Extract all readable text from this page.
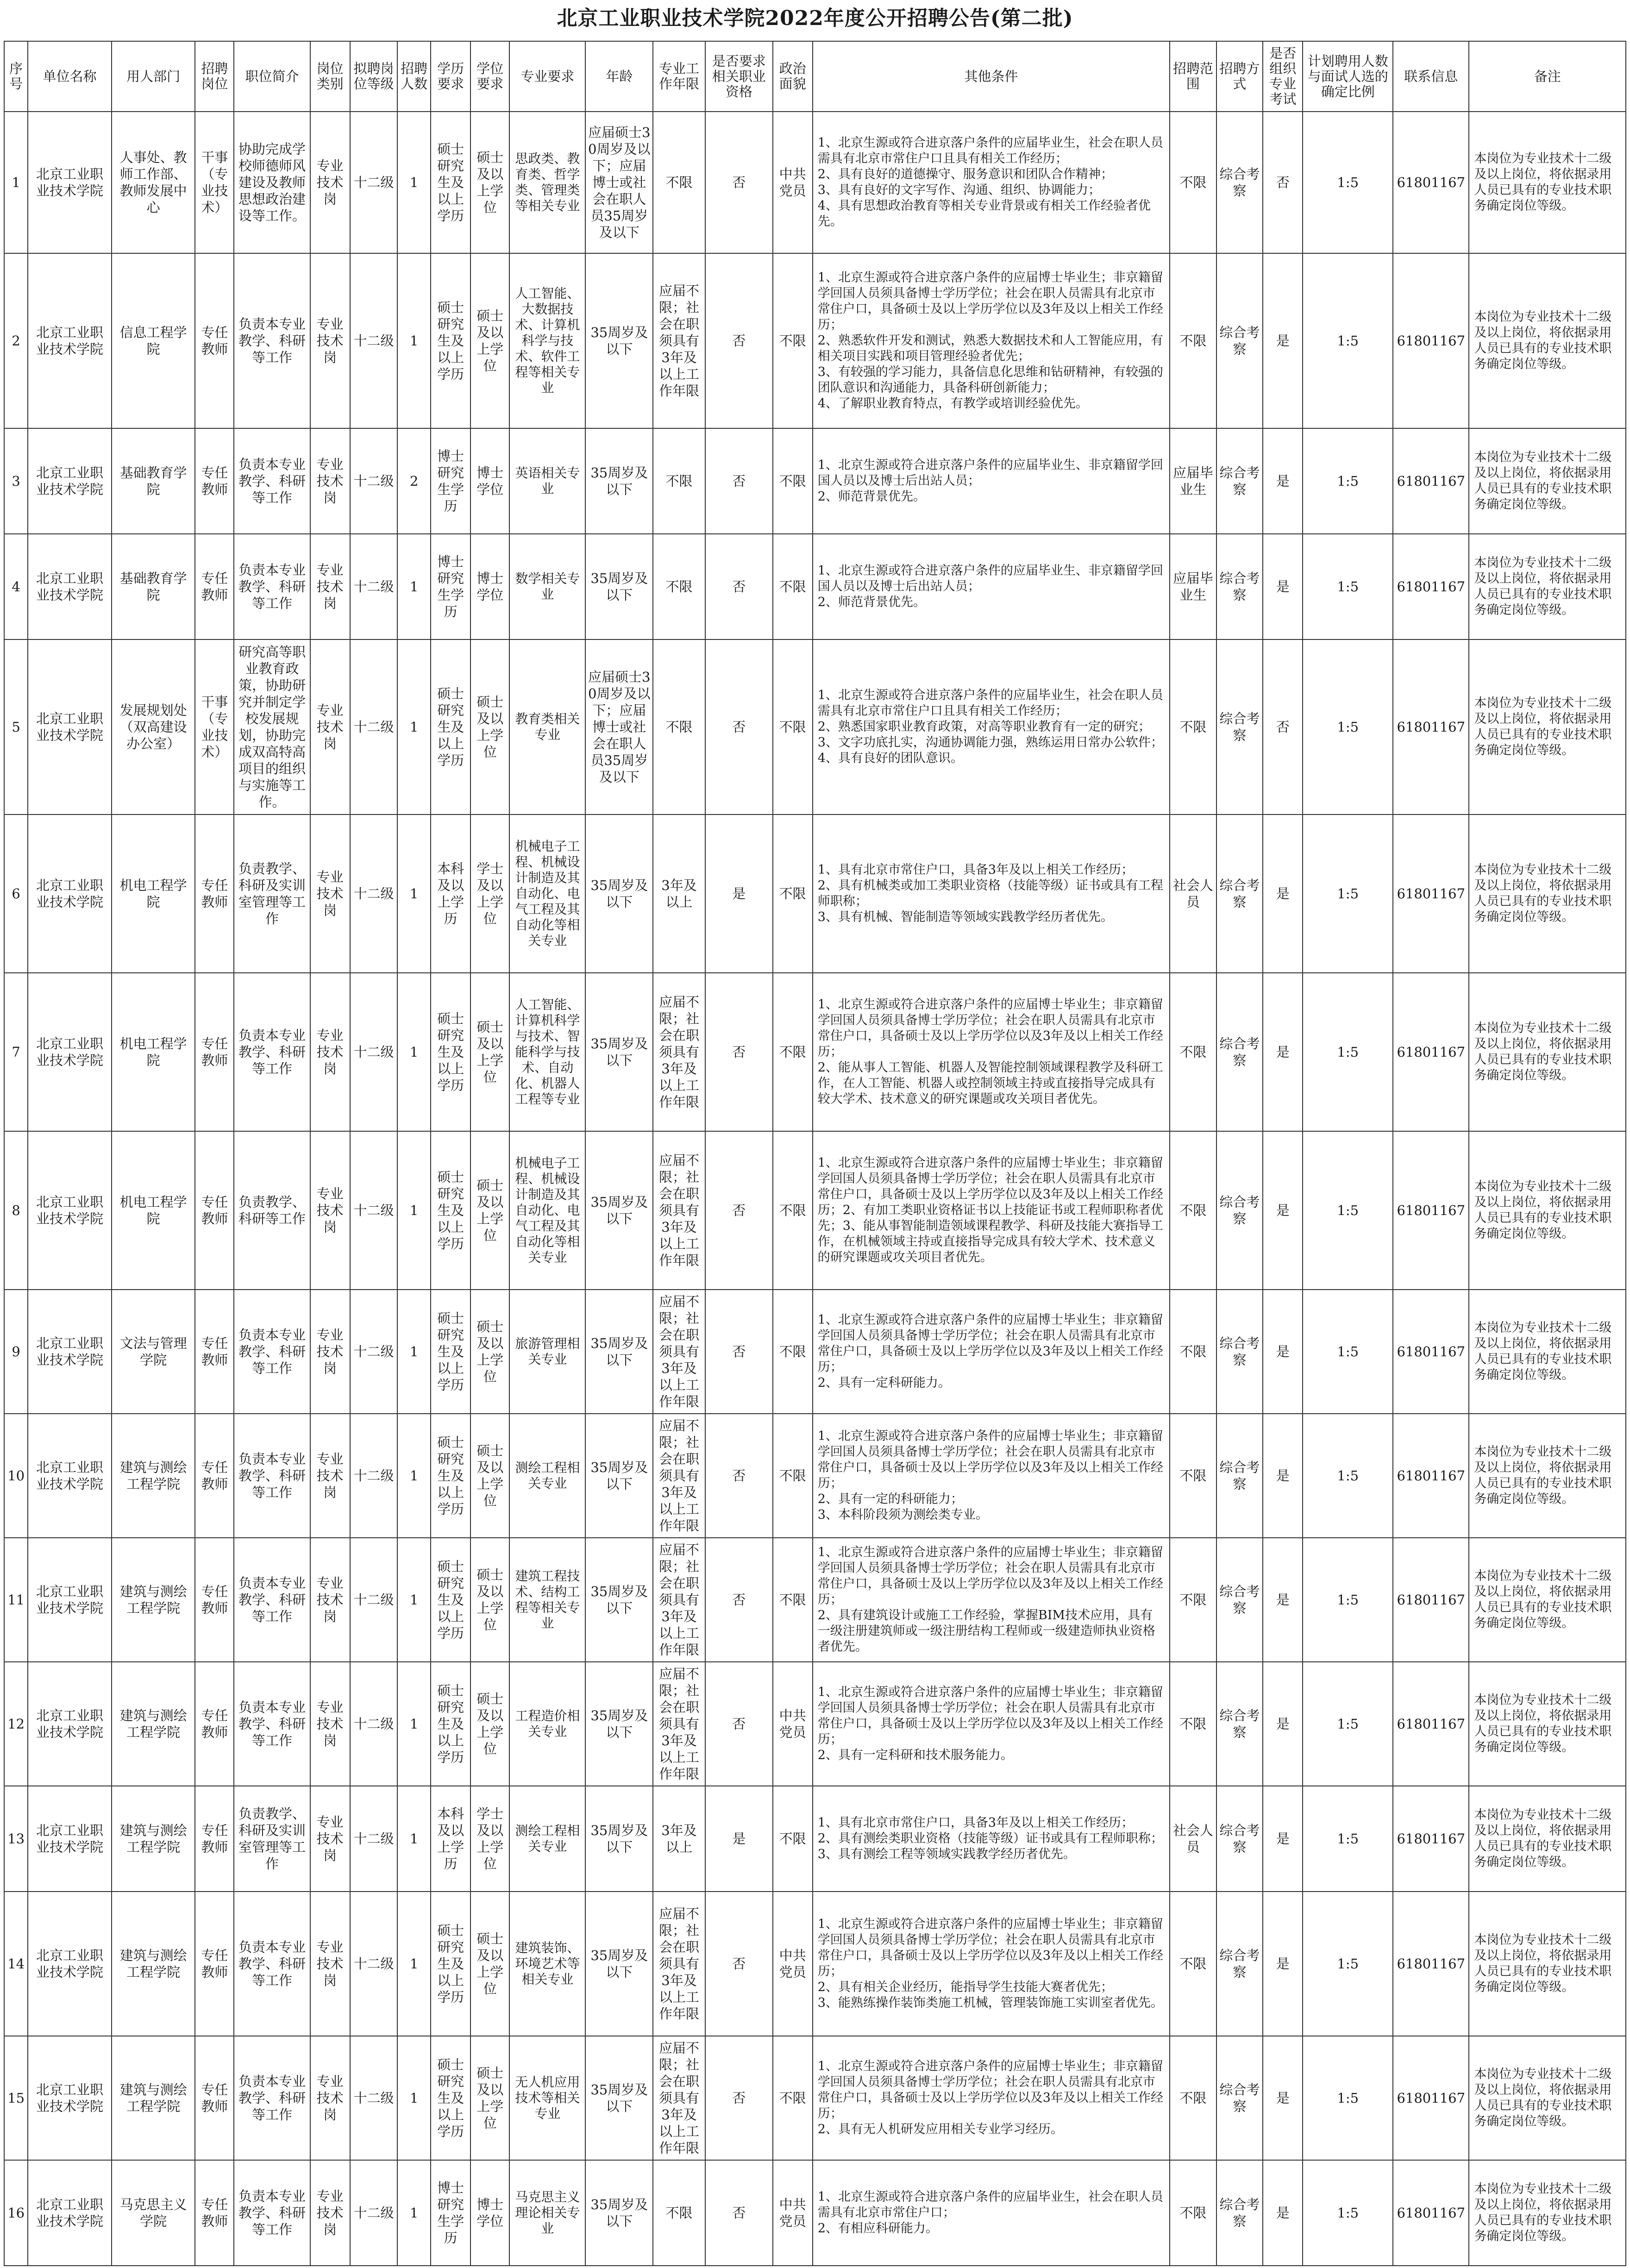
北京工业职业技术学院2022年度公开招聘公告(第二批)
序号	单位名称	用人部门	招聘岗位	职位简介	岗位类别	拟聘岗位等级	招聘人数	学历要求	学位要求	专业要求	年龄	专业工作年限	是否要求相关职业资格	政治面貌	其他条件	招聘范围	招聘方式	是否组织专业考试	计划聘用人数与面试人选的确定比例	联系信息	备注
1	北京工业职业技术学院	人事处、教师工作部、教师发展中心	干事（专业技术）	协助完成学校师德师风建设及教师思想政治建设等工作。	专业技术岗	十二级	1	硕士研究生及以上学历	硕士及以上学位	思政类、教育类、哲学类、管理类等相关专业	应届硕士30周岁及以下；应届博士或社会在职人员35周岁及以下	不限	否	中共党员	1、北京生源或符合进京落户条件的应届毕业生，社会在职人员需具有北京市常住户口且具有相关工作经历；
2、具有良好的道德操守、服务意识和团队合作精神；
3、具有良好的文字写作、沟通、组织、协调能力；
4、具有思想政治教育等相关专业背景或有相关工作经验者优先。	不限	综合考察	否	1:5	61801167	本岗位为专业技术十二级及以上岗位，将依据录用人员已具有的专业技术职务确定岗位等级。
2	北京工业职业技术学院	信息工程学院	专任教师	负责本专业教学、科研等工作	专业技术岗	十二级	1	硕士研究生及以上学历	硕士及以上学位	人工智能、大数据技术、计算机科学与技术、软件工程等相关专业	35周岁及以下	应届不限；社会在职须具有3年及以上工作年限	否	不限	1、北京生源或符合进京落户条件的应届博士毕业生；非京籍留学回国人员须具备博士学历学位；社会在职人员需具有北京市常住户口，具备硕士及以上学历学位以及3年及以上相关工作经历；
2、熟悉软件开发和测试，熟悉大数据技术和人工智能应用，有相关项目实践和项目管理经验者优先；
3、有较强的学习能力，具备信息化思维和钻研精神，有较强的团队意识和沟通能力，具备科研创新能力；
4、了解职业教育特点，有教学或培训经验优先。	不限	综合考察	是	1:5	61801167	本岗位为专业技术十二级及以上岗位，将依据录用人员已具有的专业技术职务确定岗位等级。
3	北京工业职业技术学院	基础教育学院	专任教师	负责本专业教学、科研等工作	专业技术岗	十二级	2	博士研究生学历	博士学位	英语相关专业	35周岁及以下	不限	否	不限	1、北京生源或符合进京落户条件的应届毕业生、非京籍留学回国人员以及博士后出站人员；
2、师范背景优先。	应届毕业生	综合考察	是	1:5	61801167	本岗位为专业技术十二级及以上岗位，将依据录用人员已具有的专业技术职务确定岗位等级。
4	北京工业职业技术学院	基础教育学院	专任教师	负责本专业教学、科研等工作	专业技术岗	十二级	1	博士研究生学历	博士学位	数学相关专业	35周岁及以下	不限	否	不限	1、北京生源或符合进京落户条件的应届毕业生、非京籍留学回国人员以及博士后出站人员；
2、师范背景优先。	应届毕业生	综合考察	是	1:5	61801167	本岗位为专业技术十二级及以上岗位，将依据录用人员已具有的专业技术职务确定岗位等级。
5	北京工业职业技术学院	发展规划处（双高建设办公室）	干事（专业技术）	研究高等职业教育政策，协助研究并制定学校发展规划，协助完成双高特高项目的组织与实施等工作。	专业技术岗	十二级	1	硕士研究生及以上学历	硕士及以上学位	教育类相关专业	应届硕士30周岁及以下；应届博士或社会在职人员35周岁及以下	不限	否	不限	1、北京生源或符合进京落户条件的应届毕业生，社会在职人员需具有北京市常住户口且具有相关工作经历；
2、熟悉国家职业教育政策，对高等职业教育有一定的研究；
3、文字功底扎实，沟通协调能力强，熟练运用日常办公软件；
4、具有良好的团队意识。	不限	综合考察	否	1:5	61801167	本岗位为专业技术十二级及以上岗位，将依据录用人员已具有的专业技术职务确定岗位等级。
6	北京工业职业技术学院	机电工程学院	专任教师	负责教学、科研及实训室管理等工作	专业技术岗	十二级	1	本科及以上学历	学士及以上学位	机械电子工程、机械设计制造及其自动化、电气工程及其自动化等相关专业	35周岁及以下	3年及以上	是	不限	1、具有北京市常住户口，具备3年及以上相关工作经历；
2、具有机械类或加工类职业资格（技能等级）证书或具有工程师职称；
3、具有机械、智能制造等领域实践教学经历者优先。	社会人员	综合考察	是	1:5	61801167	本岗位为专业技术十二级及以上岗位，将依据录用人员已具有的专业技术职务确定岗位等级。
7	北京工业职业技术学院	机电工程学院	专任教师	负责本专业教学、科研等工作	专业技术岗	十二级	1	硕士研究生及以上学历	硕士及以上学位	人工智能、计算机科学与技术、智能科学与技术、自动化、机器人工程等专业	35周岁及以下	应届不限；社会在职须具有3年及以上工作年限	否	不限	1、北京生源或符合进京落户条件的应届博士毕业生；非京籍留学回国人员须具备博士学历学位；社会在职人员需具有北京市常住户口，具备硕士及以上学历学位以及3年及以上相关工作经历；
2、能从事人工智能、机器人及智能控制领域课程教学及科研工作，在人工智能、机器人或控制领域主持或直接指导完成具有较大学术、技术意义的研究课题或攻关项目者优先。	不限	综合考察	是	1:5	61801167	本岗位为专业技术十二级及以上岗位，将依据录用人员已具有的专业技术职务确定岗位等级。
8	北京工业职业技术学院	机电工程学院	专任教师	负责教学、科研等工作	专业技术岗	十二级	1	硕士研究生及以上学历	硕士及以上学位	机械电子工程、机械设计制造及其自动化、电气工程及其自动化等相关专业	35周岁及以下	应届不限；社会在职须具有3年及以上工作年限	否	不限	1、北京生源或符合进京落户条件的应届博士毕业生；非京籍留学回国人员须具备博士学历学位；社会在职人员需具有北京市常住户口，具备硕士及以上学历学位以及3年及以上相关工作经历；2、有加工类职业资格证书以上技能证书或工程师职称者优先；3、能从事智能制造领域课程教学、科研及技能大赛指导工作，在机械领域主持或直接指导完成具有较大学术、技术意义的研究课题或攻关项目者优先。	不限	综合考察	是	1:5	61801167	本岗位为专业技术十二级及以上岗位，将依据录用人员已具有的专业技术职务确定岗位等级。
9	北京工业职业技术学院	文法与管理学院	专任教师	负责本专业教学、科研等工作	专业技术岗	十二级	1	硕士研究生及以上学历	硕士及以上学位	旅游管理相关专业	35周岁及以下	应届不限；社会在职须具有3年及以上工作年限	否	不限	1、北京生源或符合进京落户条件的应届博士毕业生；非京籍留学回国人员须具备博士学历学位；社会在职人员需具有北京市常住户口，具备硕士及以上学历学位以及3年及以上相关工作经历；
2、具有一定科研能力。	不限	综合考察	是	1:5	61801167	本岗位为专业技术十二级及以上岗位，将依据录用人员已具有的专业技术职务确定岗位等级。
10	北京工业职业技术学院	建筑与测绘工程学院	专任教师	负责本专业教学、科研等工作	专业技术岗	十二级	1	硕士研究生及以上学历	硕士及以上学位	测绘工程相关专业	35周岁及以下	应届不限；社会在职须具有3年及以上工作年限	否	不限	1、北京生源或符合进京落户条件的应届博士毕业生；非京籍留学回国人员须具备博士学历学位；社会在职人员需具有北京市常住户口，具备硕士及以上学历学位以及3年及以上相关工作经历；
2、具有一定的科研能力；
3、本科阶段须为测绘类专业。	不限	综合考察	是	1:5	61801167	本岗位为专业技术十二级及以上岗位，将依据录用人员已具有的专业技术职务确定岗位等级。
11	北京工业职业技术学院	建筑与测绘工程学院	专任教师	负责本专业教学、科研等工作	专业技术岗	十二级	1	硕士研究生及以上学历	硕士及以上学位	建筑工程技术、结构工程等相关专业	35周岁及以下	应届不限；社会在职须具有3年及以上工作年限	否	不限	1、北京生源或符合进京落户条件的应届博士毕业生；非京籍留学回国人员须具备博士学历学位；社会在职人员需具有北京市常住户口，具备硕士及以上学历学位以及3年及以上相关工作经历；
2、具有建筑设计或施工工作经验，掌握BIM技术应用，具有一级注册建筑师或一级注册结构工程师或一级建造师执业资格者优先。	不限	综合考察	是	1:5	61801167	本岗位为专业技术十二级及以上岗位，将依据录用人员已具有的专业技术职务确定岗位等级。
12	北京工业职业技术学院	建筑与测绘工程学院	专任教师	负责本专业教学、科研等工作	专业技术岗	十二级	1	硕士研究生及以上学历	硕士及以上学位	工程造价相关专业	35周岁及以下	应届不限；社会在职须具有3年及以上工作年限	否	中共党员	1、北京生源或符合进京落户条件的应届博士毕业生；非京籍留学回国人员须具备博士学历学位；社会在职人员需具有北京市常住户口，具备硕士及以上学历学位以及3年及以上相关工作经历；
2、具有一定科研和技术服务能力。	不限	综合考察	是	1:5	61801167	本岗位为专业技术十二级及以上岗位，将依据录用人员已具有的专业技术职务确定岗位等级。
13	北京工业职业技术学院	建筑与测绘工程学院	专任教师	负责教学、科研及实训室管理等工作	专业技术岗	十二级	1	本科及以上学历	学士及以上学位	测绘工程相关专业	35周岁及以下	3年及以上	是	不限	1、具有北京市常住户口，具备3年及以上相关工作经历；
2、具有测绘类职业资格（技能等级）证书或具有工程师职称；
3、具有测绘工程等领域实践教学经历者优先。	社会人员	综合考察	是	1:5	61801167	本岗位为专业技术十二级及以上岗位，将依据录用人员已具有的专业技术职务确定岗位等级。
14	北京工业职业技术学院	建筑与测绘工程学院	专任教师	负责本专业教学、科研等工作	专业技术岗	十二级	1	硕士研究生及以上学历	硕士及以上学位	建筑装饰、环境艺术等相关专业	35周岁及以下	应届不限；社会在职须具有3年及以上工作年限	否	中共党员	1、北京生源或符合进京落户条件的应届博士毕业生；非京籍留学回国人员须具备博士学历学位；社会在职人员需具有北京市常住户口，具备硕士及以上学历学位以及3年及以上相关工作经历；
2、具有相关企业经历，能指导学生技能大赛者优先；
3、能熟练操作装饰类施工机械，管理装饰施工实训室者优先。	不限	综合考察	是	1:5	61801167	本岗位为专业技术十二级及以上岗位，将依据录用人员已具有的专业技术职务确定岗位等级。
15	北京工业职业技术学院	建筑与测绘工程学院	专任教师	负责本专业教学、科研等工作	专业技术岗	十二级	1	硕士研究生及以上学历	硕士及以上学位	无人机应用技术等相关专业	35周岁及以下	应届不限；社会在职须具有3年及以上工作年限	否	不限	1、北京生源或符合进京落户条件的应届博士毕业生；非京籍留学回国人员须具备博士学历学位；社会在职人员需具有北京市常住户口，具备硕士及以上学历学位以及3年及以上相关工作经历；
2、具有无人机研发应用相关专业学习经历。	不限	综合考察	是	1:5	61801167	本岗位为专业技术十二级及以上岗位，将依据录用人员已具有的专业技术职务确定岗位等级。
16	北京工业职业技术学院	马克思主义学院	专任教师	负责本专业教学、科研等工作	专业技术岗	十二级	1	博士研究生学历	博士学位	马克思主义理论相关专业	35周岁及以下	不限	否	中共党员	1、北京生源或符合进京落户条件的应届毕业生，社会在职人员需具有北京市常住户口；
2、有相应科研能力。	不限	综合考察	是	1:5	61801167	本岗位为专业技术十二级及以上岗位，将依据录用人员已具有的专业技术职务确定岗位等级。
